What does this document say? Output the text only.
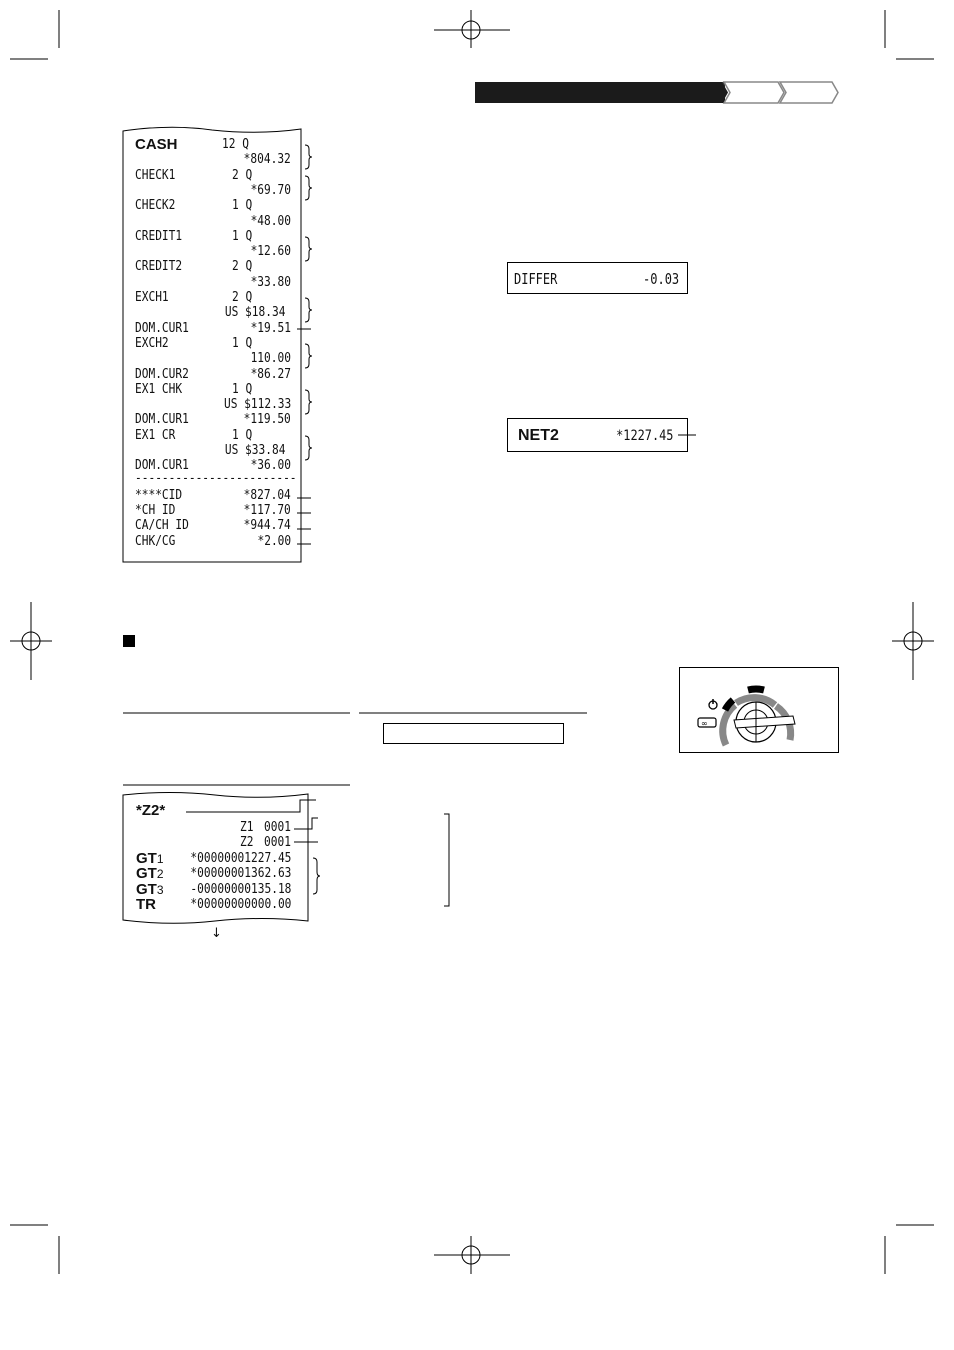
CASH	12 Q
*804.32
CHECK1	2 Q
*69.70
CHECK2	1 Q
*48.00
CREDIT1	1 Q
*12.60
CREDIT2	2 Q
*33.80
EXCH1	2 Q
US $18.34
DOM.CUR1	*19.51
EXCH2	1 Q
110.00
DOM.CUR2	*86.27
EX1 CHK	1 Q
US $112.33
DOM.CUR1	*119.50
EX1 CR	1 Q
US $33.84
DOM.CUR1	*36.00
------------------------
****CID	*827.04
*CH ID	*117.70
CA/CH ID	*944.74
CHK/CG	*2.00
DIFFER	-0.03
NET2	*1227.45
∞
*Z2*
Z1 0001
Z2 0001
GT1 *00000001227.45
GT2 *00000001362.63
GT3 -00000000135.18
TR	*00000000000.00
↓
